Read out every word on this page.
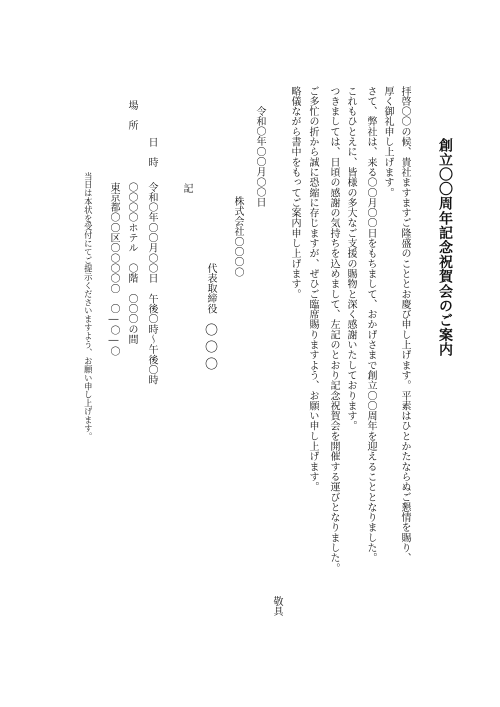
創立〇〇周年記念祝賀会のご案内
拝啓〇〇の候、貴社ますますご隆盛のこととお慶び申し上げます。平素はひとかたならぬご懇情を賜り、
厚く御礼申し上げます。
さて、弊社は、来る〇〇月〇〇日をもちまして、おかげさまで創立〇〇周年を迎えることとなりました。
これもひとえに、皆様の多大なご支援の賜物と深く感謝いたしております。
つきましては、日頃の感謝の気持ちを込めまして、左記のとおり記念祝賀会を開催する運びとなりました。
ご多忙の折から誠に恐縮に存じますが、ぜひご臨席賜りますよう、お願い申し上げます。
略儀ながら書中をもってご案内申し上げます。
敬具
令和〇年〇〇月〇〇日
株式会社〇〇〇〇
代表取締役
〇〇〇
記
日　時
令和〇年〇〇月〇〇日　午後〇時～午後〇時
場　所
〇〇〇〇ホテル　〇階　〇〇〇の間
東京都〇〇区〇〇〇〇〇　〇―〇―〇
当日は本状を受付にてご提示くださいますよう、お願い申し上げます。
